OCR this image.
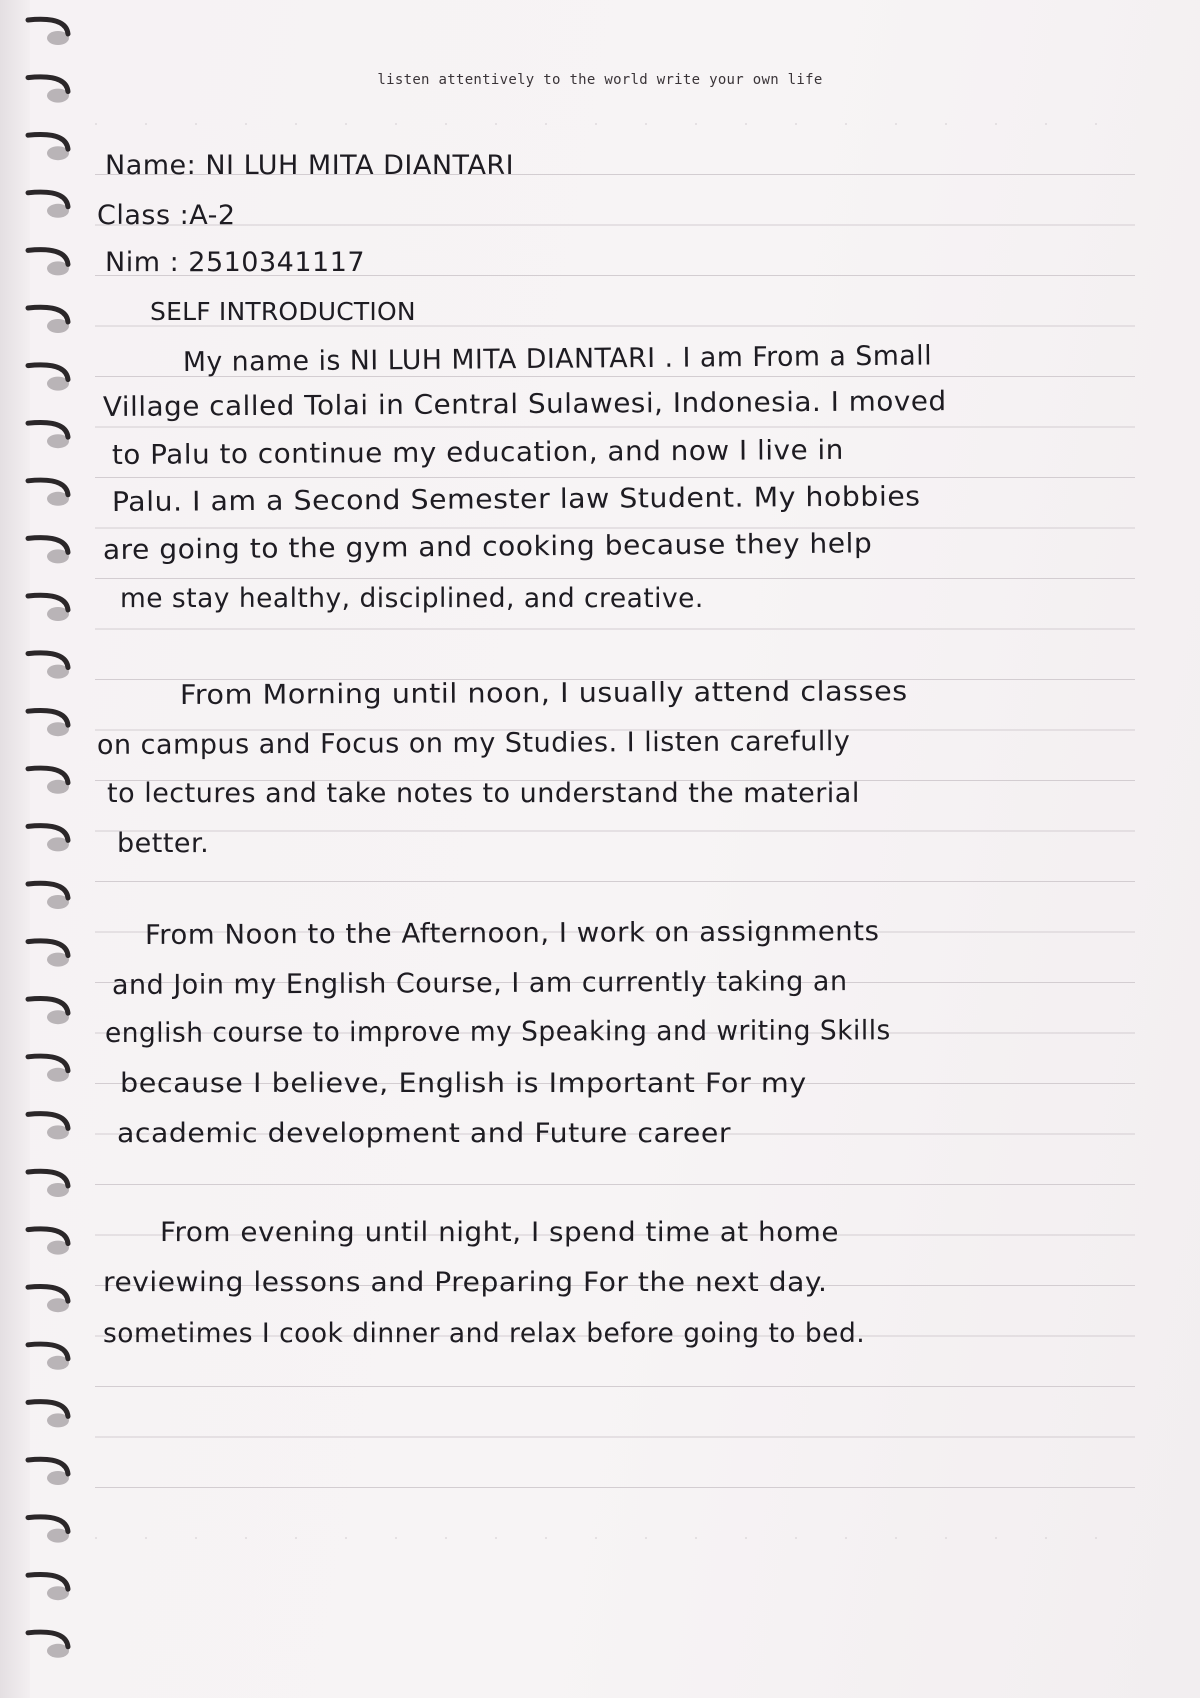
listen attentively to the world write your own life

Name: NI LUH MITA DIANTARI

Class :A-2

Nim : 2510341117

SELF INTRODUCTION

My name is NI LUH MITA DIANTARI . I am From a Small

Village called Tolai in Central Sulawesi, Indonesia. I moved

to Palu to continue my education, and now I live in

Palu. I am a Second Semester law Student. My hobbies

are going to the gym and cooking because they help

me stay healthy, disciplined, and creative.

From Morning until noon, I usually attend classes

on campus and Focus on my Studies. I listen carefully

to lectures and take notes to understand the material

better.

From Noon to the Afternoon, I work on assignments

and Join my English Course, I am currently taking an

english course to improve my Speaking and writing Skills

because I believe, English is Important For my

academic development and Future career

From evening until night, I spend time at home

reviewing lessons and Preparing For the next day.

sometimes I cook dinner and relax before going to bed.
